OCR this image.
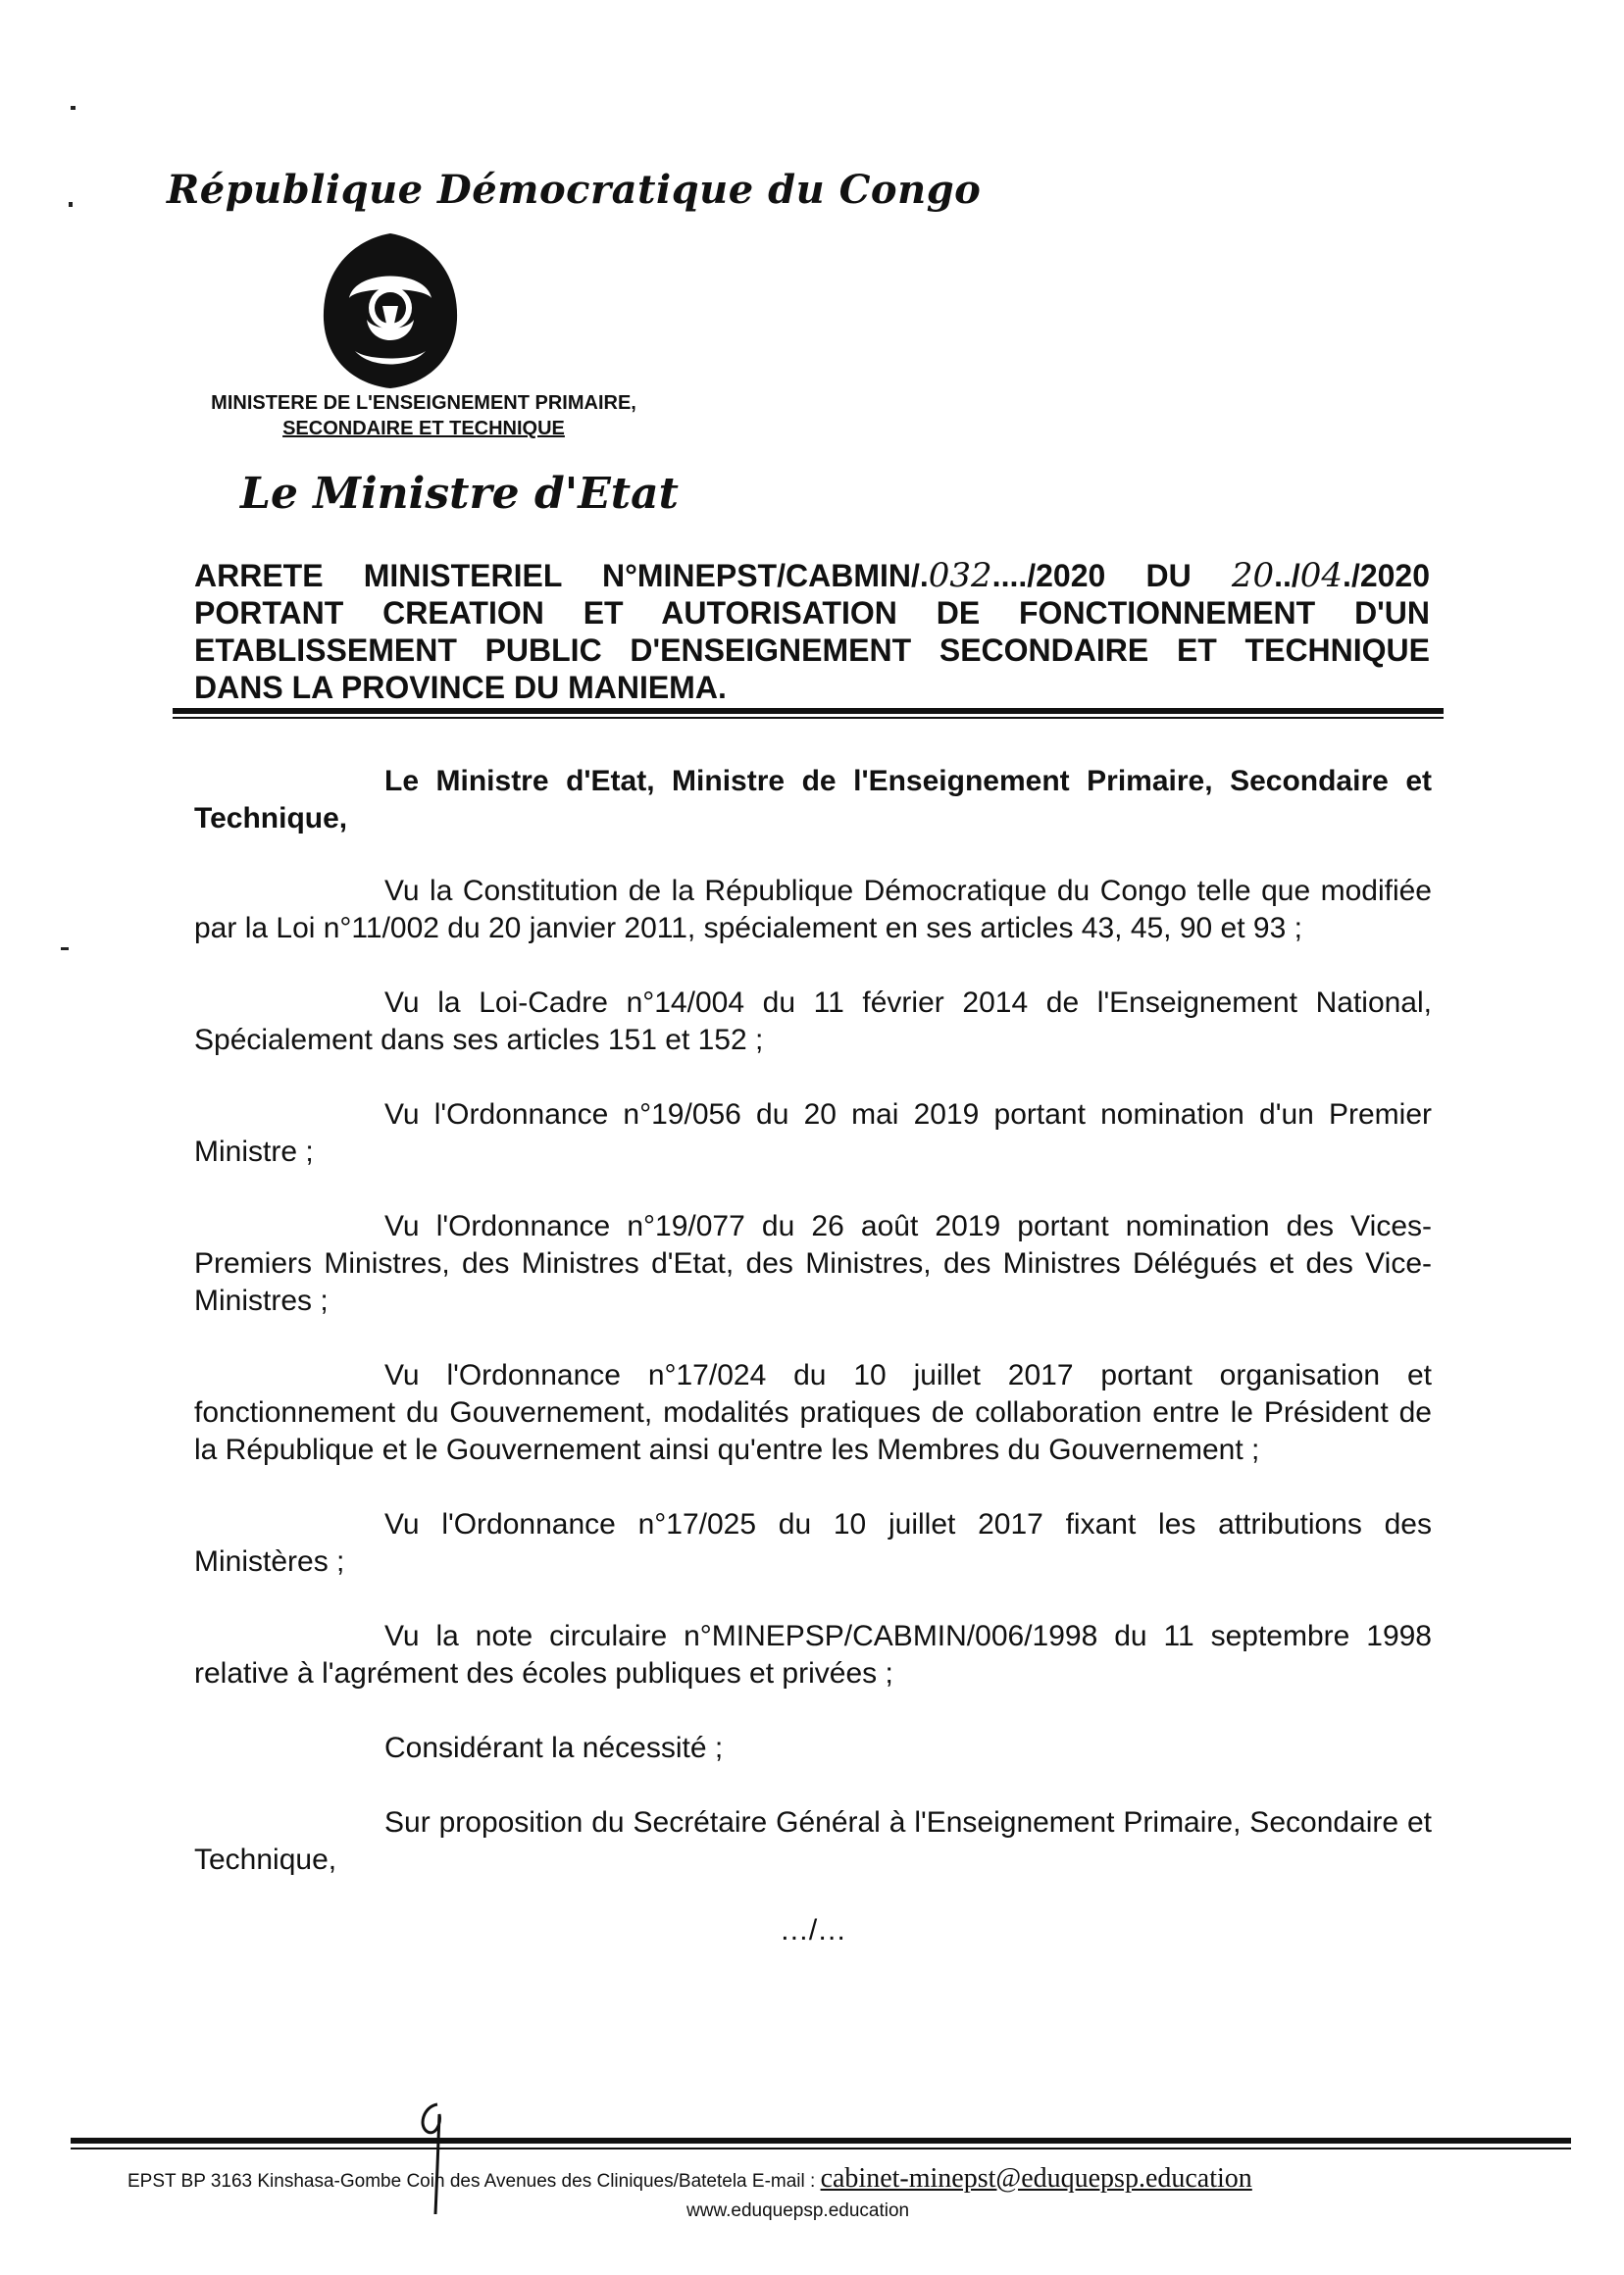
République Démocratique du Congo
MINISTERE DE L'ENSEIGNEMENT PRIMAIRE,
SECONDAIRE ET TECHNIQUE
Le Ministre d'Etat
ARRETE MINISTERIEL N°MINEPST/CABMIN/.032..../2020 DU 20../04./2020
PORTANT CREATION ET AUTORISATION DE FONCTIONNEMENT D'UN
ETABLISSEMENT PUBLIC D'ENSEIGNEMENT SECONDAIRE ET TECHNIQUE
DANS LA PROVINCE DU MANIEMA.

Le Ministre d'Etat, Ministre de l'Enseignement Primaire, Secondaire et Technique,

Vu la Constitution de la République Démocratique du Congo telle que modifiée par la Loi n°11/002 du 20 janvier 2011, spécialement en ses articles 43, 45, 90 et 93 ;

Vu la Loi-Cadre n°14/004 du 11 février 2014 de l'Enseignement National, Spécialement dans ses articles 151 et 152 ;

Vu l'Ordonnance n°19/056 du 20 mai 2019 portant nomination d'un Premier Ministre ;

Vu l'Ordonnance n°19/077 du 26 août 2019 portant nomination des Vices-Premiers Ministres, des Ministres d'Etat, des Ministres, des Ministres Délégués et des Vice-Ministres ;

Vu l'Ordonnance n°17/024 du 10 juillet 2017 portant organisation et fonctionnement du Gouvernement, modalités pratiques de collaboration entre le Président de la République et le Gouvernement ainsi qu'entre les Membres du Gouvernement ;

Vu l'Ordonnance n°17/025 du 10 juillet 2017 fixant les attributions des Ministères ;

Vu la note circulaire n°MINEPSP/CABMIN/006/1998 du 11 septembre 1998 relative à l'agrément des écoles publiques et privées ;

Considérant la nécessité ;

Sur proposition du Secrétaire Général à l'Enseignement Primaire, Secondaire et Technique,

…/…
EPST BP 3163 Kinshasa-Gombe Coin des Avenues des Cliniques/Batetela E-mail : cabinet-minepst@eduquepsp.education
www.eduquepsp.education
